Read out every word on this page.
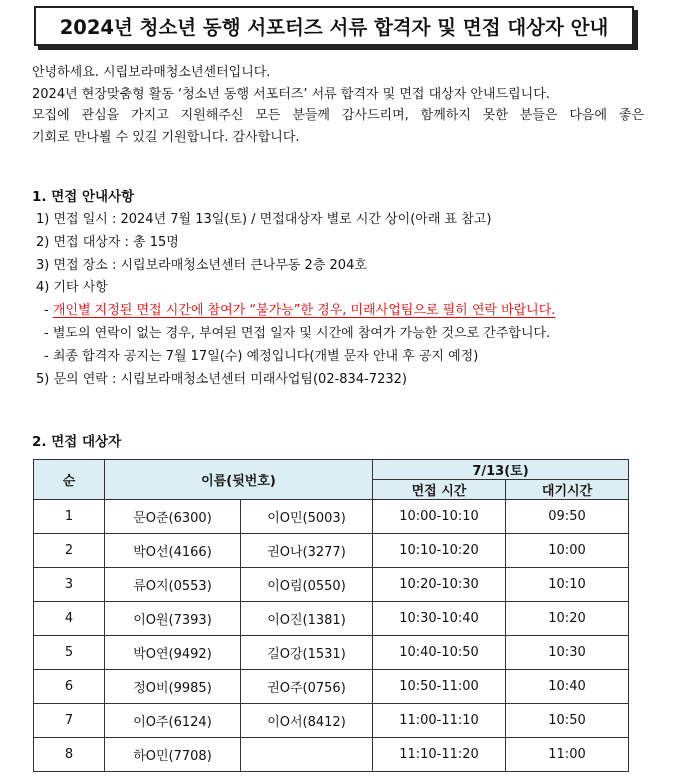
2024년 청소년 동행 서포터즈 서류 합격자 및 면접 대상자 안내

안녕하세요. 시립보라매청소년센터입니다.

2024년 현장맞춤형 활동 ‘청소년 동행 서포터즈’ 서류 합격자 및 면접 대상자 안내드립니다.

모집에 관심을 가지고 지원해주신 모든 분들께 감사드리며, 함께하지 못한 분들은 다음에 좋은

기회로 만나뵐 수 있길 기원합니다. 감사합니다.

1. 면접 안내사항
1) 면접 일시 : 2024년 7월 13일(토) / 면접대상자 별로 시간 상이(아래 표 참고)
2) 면접 대상자 : 총 15명
3) 면접 장소 : 시립보라매청소년센터 큰나무동 2층 204호
4) 기타 사항
- 개인별 지정된 면접 시간에 참여가 “불가능”한 경우, 미래사업팀으로 필히 연락 바랍니다.
- 별도의 연락이 없는 경우, 부여된 면접 일자 및 시간에 참여가 가능한 것으로 간주합니다.
- 최종 합격자 공지는 7월 17일(수) 예정입니다(개별 문자 안내 후 공지 예정)
5) 문의 연락 : 시립보라매청소년센터 미래사업팀(02-834-7232)
2. 면접 대상자
순	이름(뒷번호)		7/13(토)	
			면접 시간	대기시간
1	문O준(6300)	이O민(5003)	10:00-10:10	09:50
2	박O선(4166)	권O나(3277)	10:10-10:20	10:00
3	류O지(0553)	이O림(0550)	10:20-10:30	10:10
4	이O원(7393)	이O진(1381)	10:30-10:40	10:20
5	박O연(9492)	길O강(1531)	10:40-10:50	10:30
6	정O비(9985)	권O주(0756)	10:50-11:00	10:40
7	이O주(6124)	이O서(8412)	11:00-11:10	10:50
8	하O민(7708)		11:10-11:20	11:00
